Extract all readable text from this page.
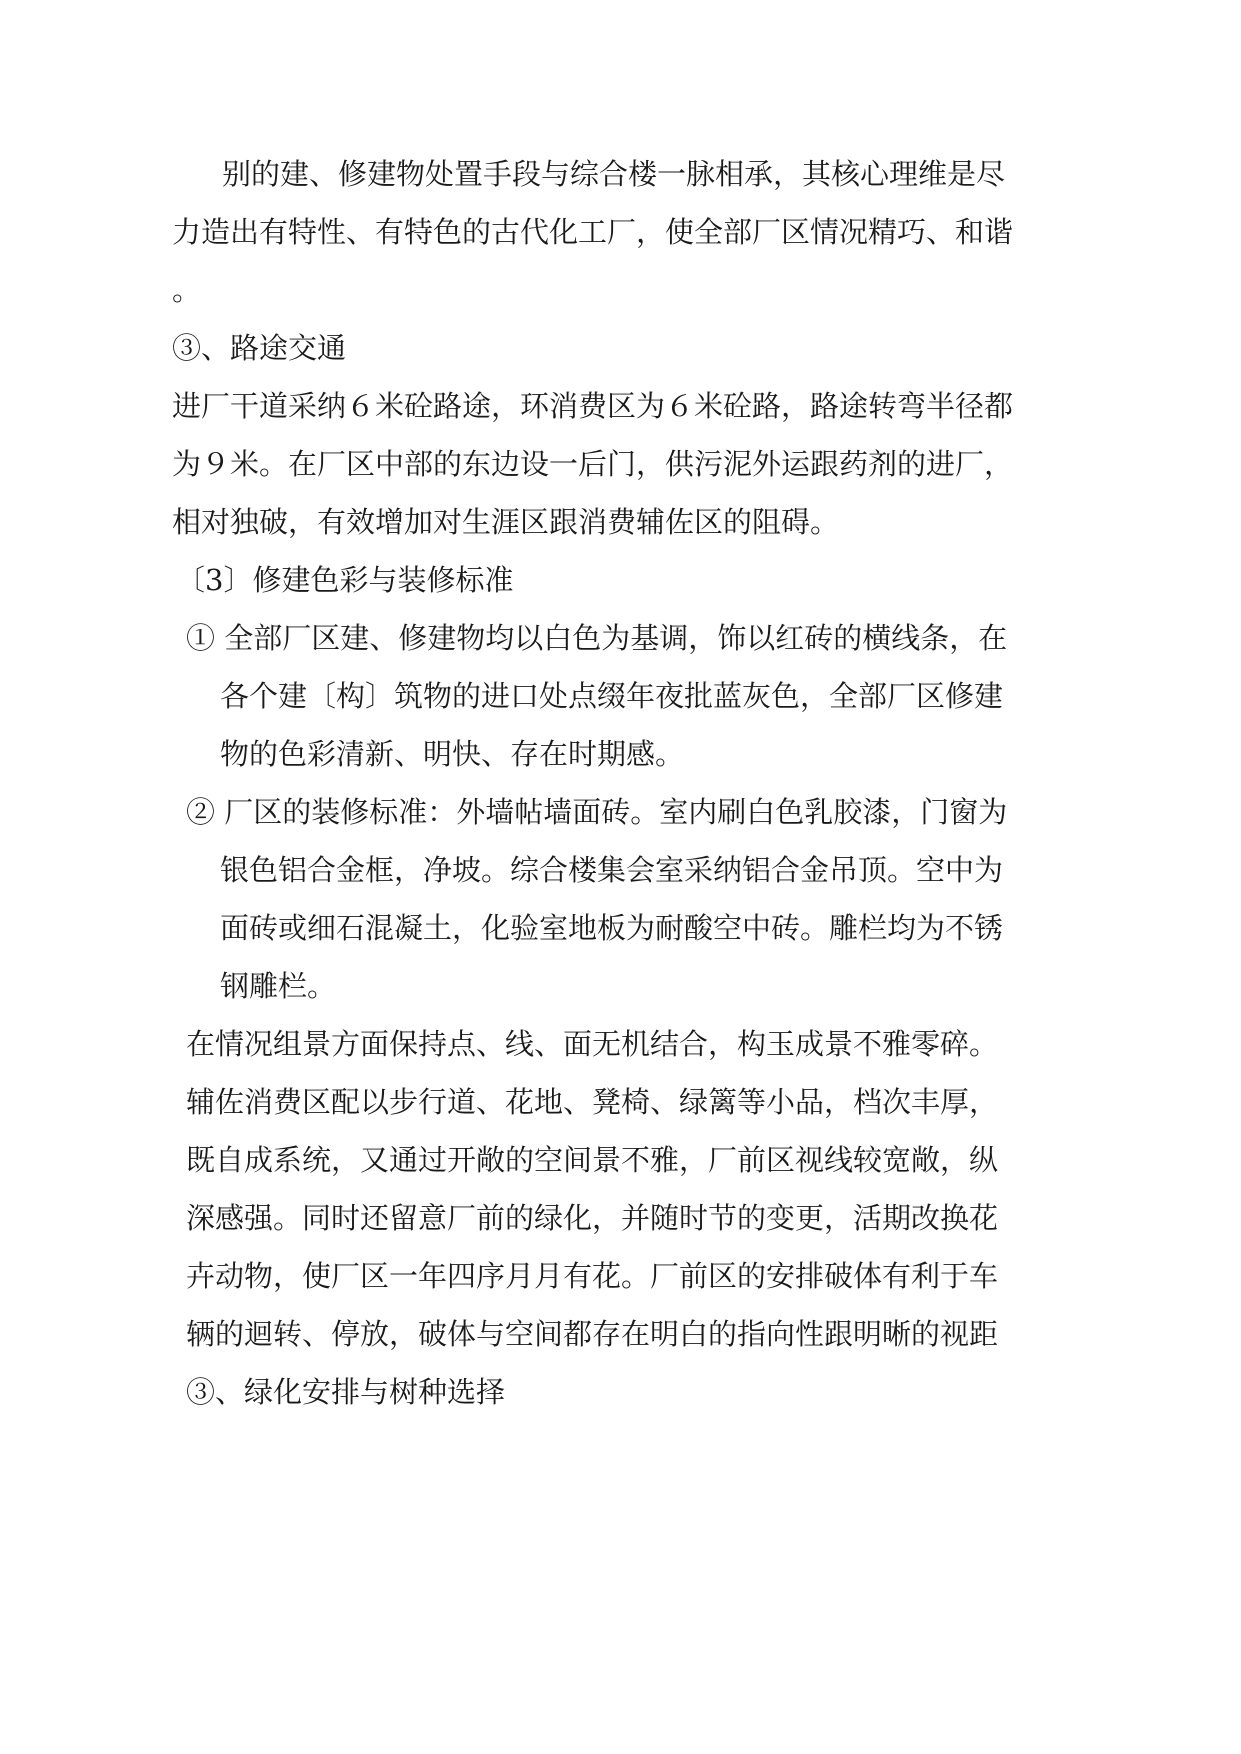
别的建、修建物处置手段与综合楼一脉相承，其核心理维是尽
力造出有特性、有特色的古代化工厂，使全部厂区情况精巧、和谐
。
③、路途交通
进厂干道采纳６米砼路途，环消费区为６米砼路，路途转弯半径都
为９米。在厂区中部的东边设一后门，供污泥外运跟药剂的进厂，
相对独破，有效增加对生涯区跟消费辅佐区的阻碍。
〔3〕修建色彩与装修标准
① 全部厂区建、修建物均以白色为基调，饰以红砖的横线条，在
各个建〔构〕筑物的进口处点缀年夜批蓝灰色，全部厂区修建
物的色彩清新、明快、存在时期感。
② 厂区的装修标准：外墙帖墙面砖。室内刷白色乳胶漆，门窗为
银色铝合金框，净坡。综合楼集会室采纳铝合金吊顶。空中为
面砖或细石混凝土，化验室地板为耐酸空中砖。雕栏均为不锈
钢雕栏。
在情况组景方面保持点、线、面无机结合，构玉成景不雅零碎。
辅佐消费区配以步行道、花地、凳椅、绿篱等小品，档次丰厚，
既自成系统，又通过开敞的空间景不雅，厂前区视线较宽敞，纵
深感强。同时还留意厂前的绿化，并随时节的变更，活期改换花
卉动物，使厂区一年四序月月有花。厂前区的安排破体有利于车
辆的迴转、停放，破体与空间都存在明白的指向性跟明晰的视距
③、绿化安排与树种选择
